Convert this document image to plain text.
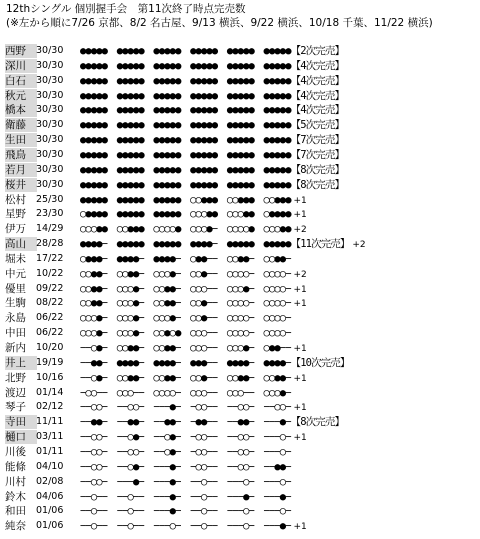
12thシングル 個別握手会　第11次終了時点完売数
(※左から順に7/26 京都、8/2 名古屋、9/13 横浜、9/22 横浜、10/18 千葉、11/22 横浜)
西野	30/30	●●●●●　●●●●●　●●●●●　●●●●●　●●●●●　●●●●●【2次完売】
深川	30/30	●●●●●　●●●●●　●●●●●　●●●●●　●●●●●　●●●●●【4次完売】
白石	30/30	●●●●●　●●●●●　●●●●●　●●●●●　●●●●●　●●●●●【4次完売】
秋元	30/30	●●●●●　●●●●●　●●●●●　●●●●●　●●●●●　●●●●●【4次完売】
橋本	30/30	●●●●●　●●●●●　●●●●●　●●●●●　●●●●●　●●●●●【4次完売】
衛藤	30/30	●●●●●　●●●●●　●●●●●　●●●●●　●●●●●　●●●●●【5次完売】
生田	30/30	●●●●●　●●●●●　●●●●●　●●●●●　●●●●●　●●●●●【7次完売】
飛鳥	30/30	●●●●●　●●●●●　●●●●●　●●●●●　●●●●●　●●●●●【7次完売】
若月	30/30	●●●●●　●●●●●　●●●●●　●●●●●　●●●●●　●●●●●【8次完売】
桜井	30/30	●●●●●　●●●●●　●●●●●　●●●●●　●●●●●　●●●●●【8次完売】
松村	25/30	●●●●●　●●●●●　●●●●●　○○●●●　○○●●●　○○●●● +1
星野	23/30	○●●●●　●●●●●　●●●●●　○○○●●　○○○●●　○●●●● +1
伊万	14/29	○○○●●　○○●●●　○○○○●　○○○●−　○○○○●　○○○●● +2
高山	28/28	●●●●−　●●●●●　●●●●●　●●●●−　●●●●●　●●●●●【11次完売】 +2
堀未	17/22	○●●●−　●●●●−　●●●●−　○●●−−　○○●●−　○○●●−
中元	10/22	○○●●−　○○●●−　○○○●−　○○●−−　○○○○−　○○○○− +2
優里	09/22	○○●●−　○○○●−　○○●●−　○○○−−　○○○●−　○○○○− +1
生駒	08/22	○○●●−　○○○●−　○○●●−　○○●−−　○○○○−　○○○○− +1
永島	06/22	○○○●−　○○○●−　○○○●−　○○●−−　○○○○−　○○○○−
中田	06/22	○○○●−　○○○●−　○○●○●　○○○−−　○○○○−　○○○○−
新内	10/20	−−○●−　○○●●−　○○●●−　○○○−−　○○○●−　○●●−− +1
井上	19/19	−−●●−　●●●●−　●●●●−　●●●−−　●●●●−　●●●●−【10次完売】
北野	10/16	−−○●−　○○●●−　○○●●−　○○●−−　○○●●−　○○●●− +1
渡辺	01/14	−○○−−　○○○−−　○○○○−　○○○−−　○○○−−　○○○●−
琴子	02/12	−−○○−　−−○○−　−−−●−　−○○−−　−−○○−　−−○○− +1
寺田	11/11	−−●●−　−−●●−　−−●●−　−●●−−　−−●●−　−−−●−【8次完売】
樋口	03/11	−−○○−　−−○●−　−−○●−　−○○−−　−−○○−　−−−○− +1
川後	01/11	−−○○−　−−○○−　−−○●−　−○○−−　−−○○−　−−−○−
能條	04/10	−−○○−　−−○●−　−−−●−　−○○−−　−−○○−　−−●●−
川村	02/08	−−○○−　−−−●−　−−−●−　−−○−−　−−−○−　−−−○−
鈴木	04/06	−−○−−　−−○−−　−−−●−　−−○−−　−−−●−　−−−●−
和田	01/06	−−○−−　−−○−−　−−−●−　−−○−−　−−−○−　−−−○−
純奈	01/06	−−○−−　−−○−−　−−−○−　−−○−−　−−−○−　−−−●− +1
